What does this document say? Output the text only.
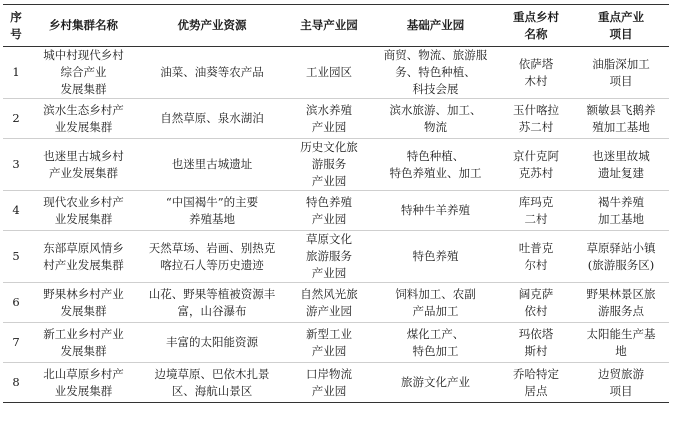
序
号	乡村集群名称	优势产业资源	主导产业园	基础产业园	重点乡村
名称	重点产业
项目
1	城中村现代乡村
综合产业
发展集群	油菜、油葵等农产品	工业园区	商贸、物流、旅游服
务、特色种植、
科技会展	依萨塔
木村	油脂深加工
项目
2	滨水生态乡村产
业发展集群	自然草原、泉水湖泊	滨水养殖
产业园	滨水旅游、加工、
物流	玉什喀拉
苏二村	额敏县飞鹅养
殖加工基地
3	也迷里古城乡村
产业发展集群	也迷里古城遗址	历史文化旅
游服务
产业园	特色种植、
特色养殖业、加工	京什克阿
克苏村	也迷里故城
遗址复建
4	现代农业乡村产
业发展集群	“中国褐牛”的主要
养殖基地	特色养殖
产业园	特种牛羊养殖	库玛克
二村	褐牛养殖
加工基地
5	东部草原风情乡
村产业发展集群	天然草场、岩画、别热克
喀拉石人等历史遗迹	草原文化
旅游服务
产业园	特色养殖	吐普克
尔村	草原驿站小镇
(旅游服务区)
6	野果林乡村产业
发展集群	山花、野果等植被资源丰
富，山谷瀑布	自然风光旅
游产业园	饲料加工、农副
产品加工	阔克萨
依村	野果林景区旅
游服务点
7	新工业乡村产业
发展集群	丰富的太阳能资源	新型工业
产业园	煤化工产、
特色加工	玛依塔
斯村	太阳能生产基
地
8	北山草原乡村产
业发展集群	边境草原、巴依木扎景
区、海航山景区	口岸物流
产业园	旅游文化产业	乔哈特定
居点	边贸旅游
项目
